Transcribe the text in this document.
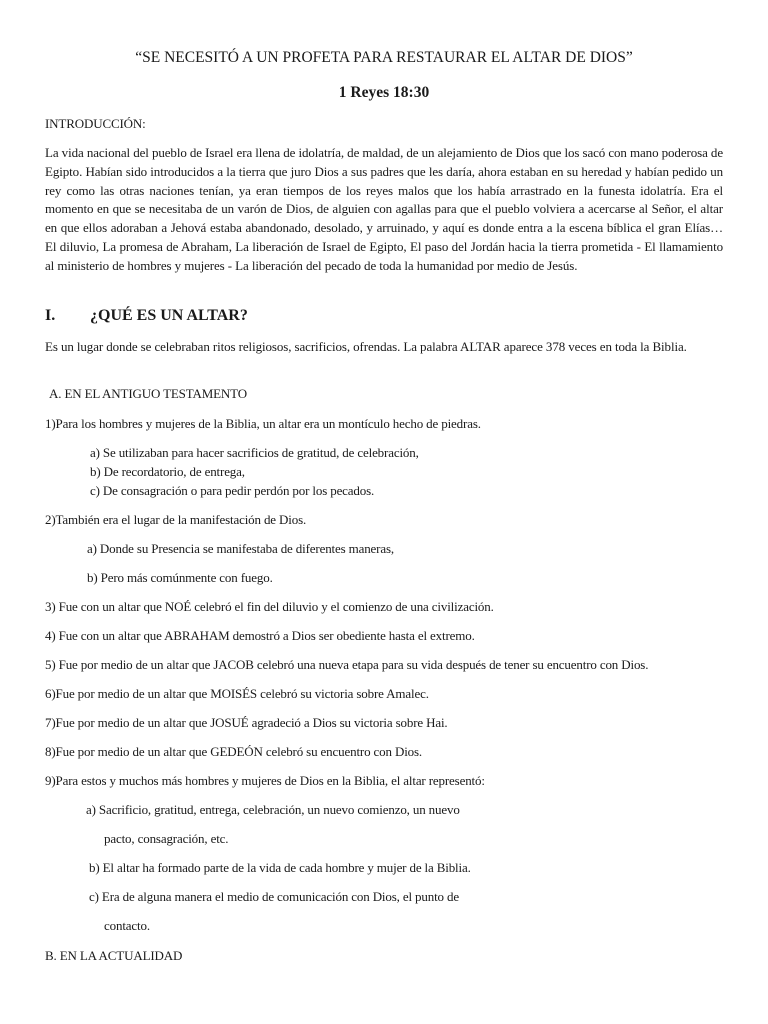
“SE NECESITÓ A UN PROFETA PARA RESTAURAR EL ALTAR DE DIOS”
1 Reyes 18:30
INTRODUCCIÓN:
La vida nacional del pueblo de Israel era llena de idolatría, de maldad, de un alejamiento de Dios que los sacó con mano poderosa de Egipto. Habían sido introducidos a la tierra que juro Dios a sus padres que les daría, ahora estaban en su heredad y habían pedido un rey como las otras naciones tenían, ya eran tiempos de los reyes malos que los había arrastrado en la funesta idolatría. Era el momento en que se necesitaba de un varón de Dios, de alguien con agallas para que el pueblo volviera a acercarse al Señor, el altar en que ellos adoraban a Jehová estaba abandonado, desolado, y arruinado, y aquí es donde entra a la escena bíblica el gran Elías… El diluvio, La promesa de Abraham, La liberación de Israel de Egipto, El paso del Jordán hacia la tierra prometida - El llamamiento al ministerio de hombres y mujeres - La liberación del pecado de toda la humanidad por medio de Jesús.
I. ¿QUÉ ES UN ALTAR?
Es un lugar donde se celebraban ritos religiosos, sacrificios, ofrendas. La palabra ALTAR aparece 378 veces en toda la Biblia.
A. EN EL ANTIGUO TESTAMENTO
1)Para los hombres y mujeres de la Biblia, un altar era un montículo hecho de piedras.
a) Se utilizaban para hacer sacrificios de gratitud, de celebración,
b) De recordatorio, de entrega,
c) De consagración o para pedir perdón por los pecados.
2)También era el lugar de la manifestación de Dios.
a) Donde su Presencia se manifestaba de diferentes maneras,
b) Pero más comúnmente con fuego.
3) Fue con un altar que NOÉ celebró el fin del diluvio y el comienzo de una civilización.
4) Fue con un altar que ABRAHAM demostró a Dios ser obediente hasta el extremo.
5) Fue por medio de un altar que JACOB celebró una nueva etapa para su vida después de tener su encuentro con Dios.
6)Fue por medio de un altar que MOISÉS celebró su victoria sobre Amalec.
7)Fue por medio de un altar que JOSUÉ agradeció a Dios su victoria sobre Hai.
8)Fue por medio de un altar que GEDEÓN celebró su encuentro con Dios.
9)Para estos y muchos más hombres y mujeres de Dios en la Biblia, el altar representó:
a) Sacrificio, gratitud, entrega, celebración, un nuevo comienzo, un nuevo
pacto, consagración, etc.
b) El altar ha formado parte de la vida de cada hombre y mujer de la Biblia.
c) Era de alguna manera el medio de comunicación con Dios, el punto de
contacto.
B. EN LA ACTUALIDAD
